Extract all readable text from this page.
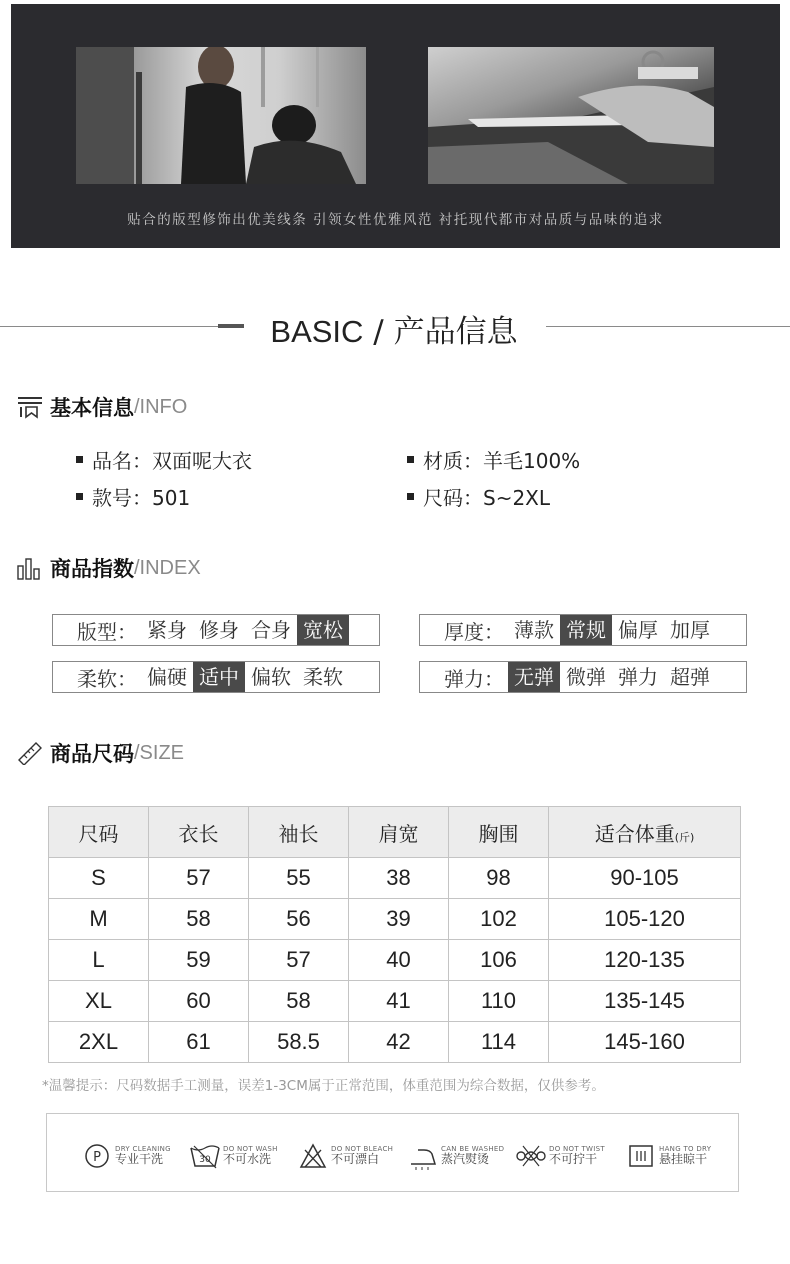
贴合的版型修饰出优美线条 引领女性优雅风范 衬托现代都市对品质与品味的追求
BASIC / 产品信息
基本信息 /INFO
品名：双面呢大衣	材质：羊毛100%
款号：501	尺码：S~2XL
商品指数 /INDEX
版型： 紧身 修身 合身 宽松	厚度： 薄款 常规 偏厚 加厚
柔软： 偏硬 适中 偏软 柔软	弹力： 无弹 微弹 弹力 超弹
商品尺码 /SIZE
尺码	衣长	袖长	肩宽	胸围	适合体重(斤)
S	57	55	38	98	90-105
M	58	56	39	102	105-120
L	59	57	40	106	120-135
XL	60	58	41	110	135-145
2XL	61	58.5	42	114	145-160
*温馨提示：尺码数据手工测量，误差1-3CM属于正常范围，体重范围为综合数据，仅供参考。
P
DRY CLEANING
专业干洗	30
DO NOT WASH
不可水洗
DO NOT BLEACH
不可漂白
CAN BE WASHED
蒸汽熨烫
DO NOT TWIST
不可拧干
HANG TO DRY
悬挂晾干
